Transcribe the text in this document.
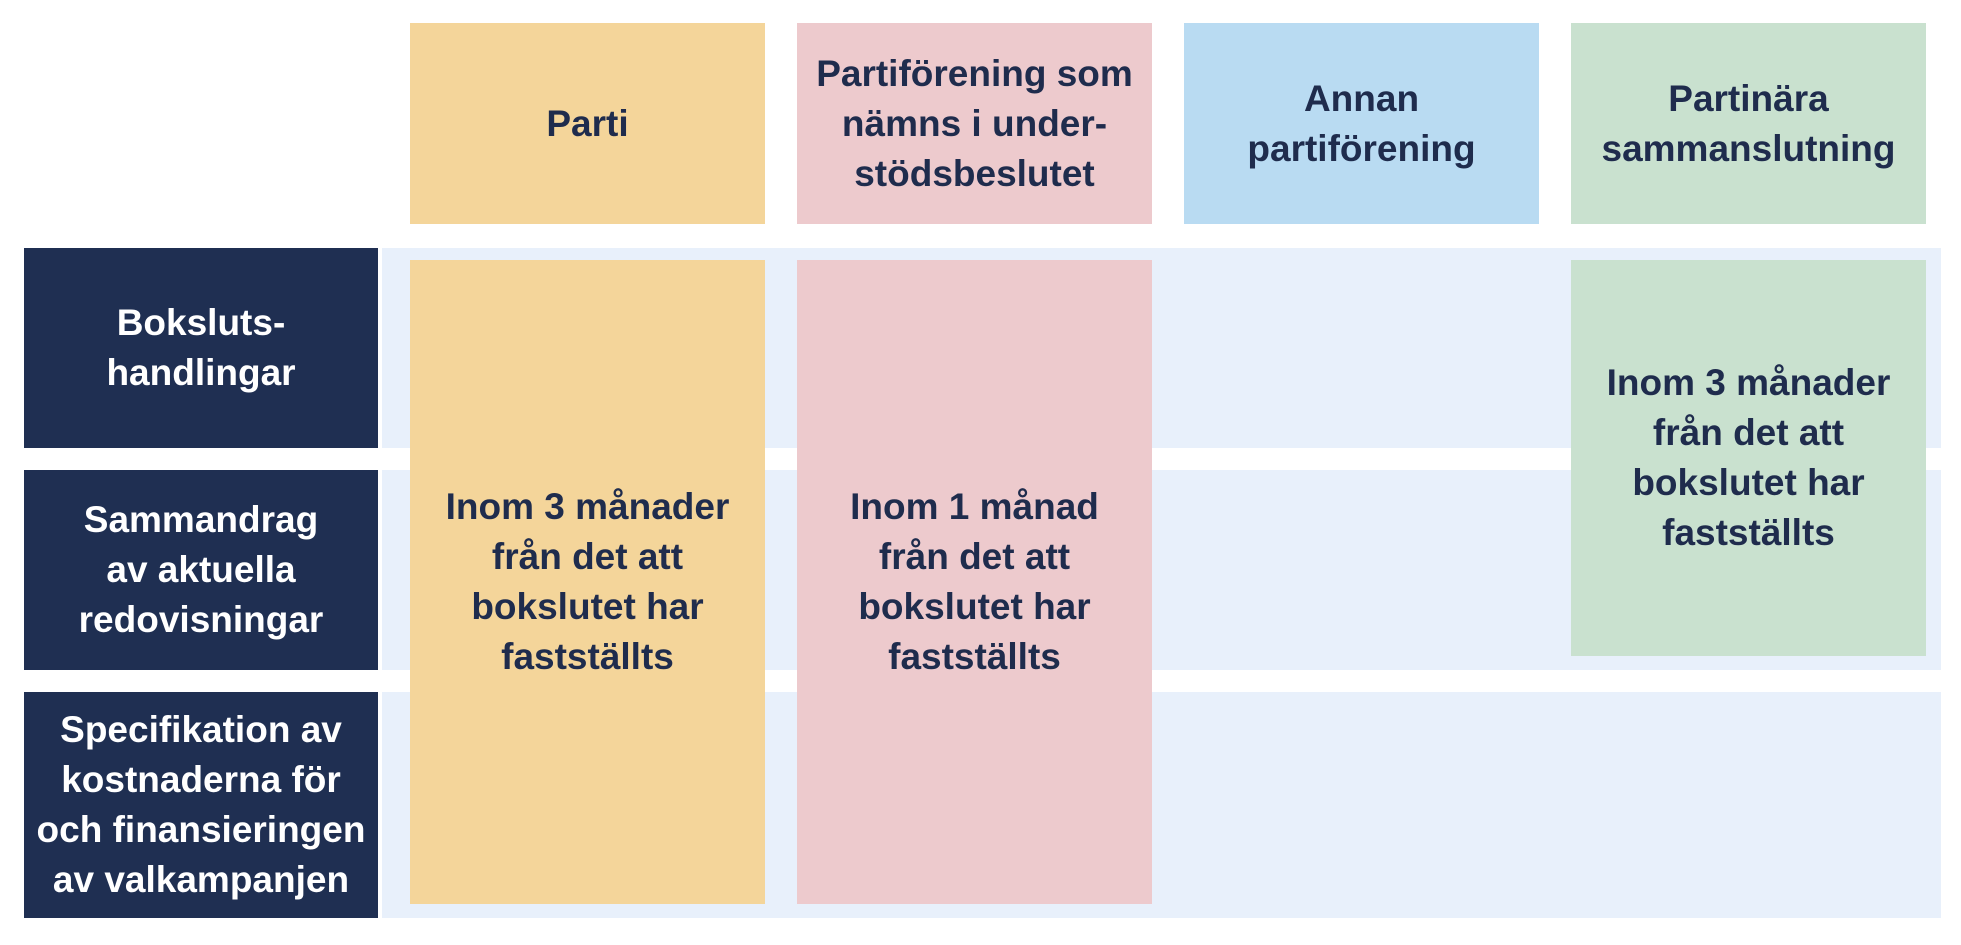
Parti
Partiförening som
nämns i under-
stödsbeslutet
Annan
partiförening
Partinära
sammanslutning
Boksluts-
handlingar
Sammandrag
av aktuella
redovisningar
Specifikation av
kostnaderna för
och finansieringen
av valkampanjen
Inom 3 månader
från det att
bokslutet har
fastställts
Inom 1 månad
från det att
bokslutet har
fastställts
Inom 3 månader
från det att
bokslutet har
fastställts
